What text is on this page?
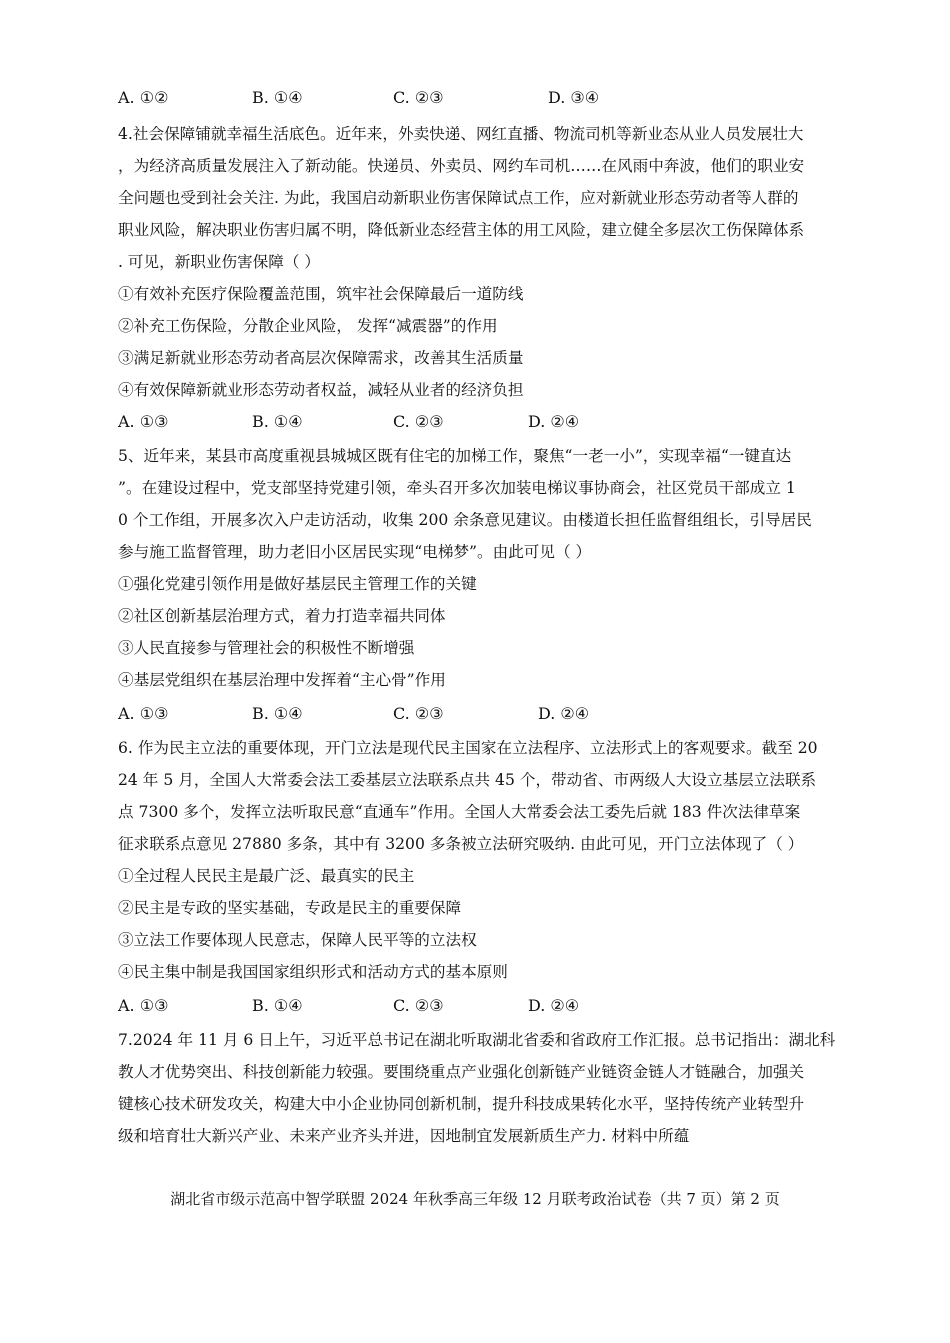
A. ①②	B. ①④	C. ②③	D. ③④
4.社会保障铺就幸福生活底色。近年来，外卖快递、网红直播、物流司机等新业态从业人员发展壮大
，为经济高质量发展注入了新动能。快递员、外卖员、网约车司机……在风雨中奔波，他们的职业安
全问题也受到社会关注. 为此，我国启动新职业伤害保障试点工作，应对新就业形态劳动者等人群的
职业风险，解决职业伤害归属不明，降低新业态经营主体的用工风险，建立健全多层次工伤保障体系
. 可见，新职业伤害保障（ ）
①有效补充医疗保险覆盖范围，筑牢社会保障最后一道防线
②补充工伤保险，分散企业风险， 发挥“减震器”的作用
③满足新就业形态劳动者高层次保障需求，改善其生活质量
④有效保障新就业形态劳动者权益，减轻从业者的经济负担
A. ①③	B. ①④	C. ②③	D. ②④
5、近年来，某县市高度重视县城城区既有住宅的加梯工作，聚焦“一老一小”，实现幸福“一键直达
”。在建设过程中，党支部坚持党建引领，牵头召开多次加装电梯议事协商会，社区党员干部成立 1
0 个工作组，开展多次入户走访活动，收集 200 余条意见建议。由楼道长担任监督组组长，引导居民
参与施工监督管理，助力老旧小区居民实现“电梯梦”。由此可见（ ）
①强化党建引领作用是做好基层民主管理工作的关键
②社区创新基层治理方式，着力打造幸福共同体
③人民直接参与管理社会的积极性不断增强
④基层党组织在基层治理中发挥着“主心骨”作用
A. ①③	B. ①④	C. ②③	D. ②④
6. 作为民主立法的重要体现，开门立法是现代民主国家在立法程序、立法形式上的客观要求。截至 20
24 年 5 月，全国人大常委会法工委基层立法联系点共 45 个，带动省、市两级人大设立基层立法联系
点 7300 多个，发挥立法听取民意“直通车”作用。全国人大常委会法工委先后就 183 件次法律草案
征求联系点意见 27880 多条，其中有 3200 多条被立法研究吸纳. 由此可见，开门立法体现了（ ）
①全过程人民民主是最广泛、最真实的民主
②民主是专政的坚实基础，专政是民主的重要保障
③立法工作要体现人民意志，保障人民平等的立法权
④民主集中制是我国国家组织形式和活动方式的基本原则
A. ①③	B. ①④	C. ②③	D. ②④
7.2024 年 11 月 6 日上午，习近平总书记在湖北听取湖北省委和省政府工作汇报。总书记指出：湖北科
教人才优势突出、科技创新能力较强。要围绕重点产业强化创新链产业链资金链人才链融合，加强关
键核心技术研发攻关，构建大中小企业协同创新机制，提升科技成果转化水平，坚持传统产业转型升
级和培育壮大新兴产业、未来产业齐头并进，因地制宜发展新质生产力. 材料中所蕴
湖北省市级示范高中智学联盟 2024 年秋季高三年级 12 月联考政治试卷（共 7 页）第 2 页
